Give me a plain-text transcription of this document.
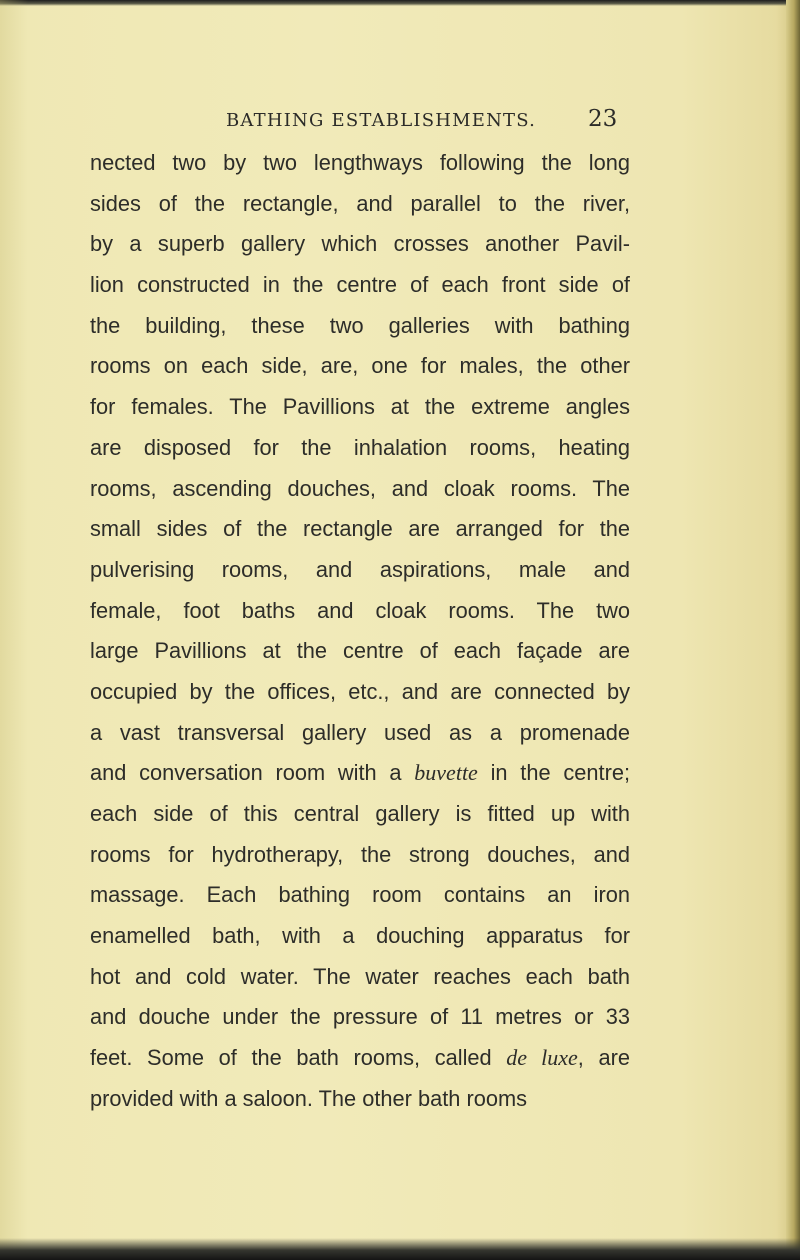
BATHING ESTABLISHMENTS. 23
nected two by two lengthways following the long
sides of the rectangle, and parallel to the river,
by a superb gallery which crosses another Pavil-
lion constructed in the centre of each front side of
the building, these two galleries with bathing
rooms on each side, are, one for males, the other
for females. The Pavillions at the extreme angles
are disposed for the inhalation rooms, heating
rooms, ascending douches, and cloak rooms. The
small sides of the rectangle are arranged for the
pulverising rooms, and aspirations, male and
female, foot baths and cloak rooms. The two
large Pavillions at the centre of each façade are
occupied by the offices, etc., and are connected by
a vast transversal gallery used as a promenade
and conversation room with a buvette in the centre;
each side of this central gallery is fitted up with
rooms for hydrotherapy, the strong douches, and
massage. Each bathing room contains an iron
enamelled bath, with a douching apparatus for
hot and cold water. The water reaches each bath
and douche under the pressure of 11 metres or 33
feet. Some of the bath rooms, called de luxe, are
provided with a saloon. The other bath rooms
